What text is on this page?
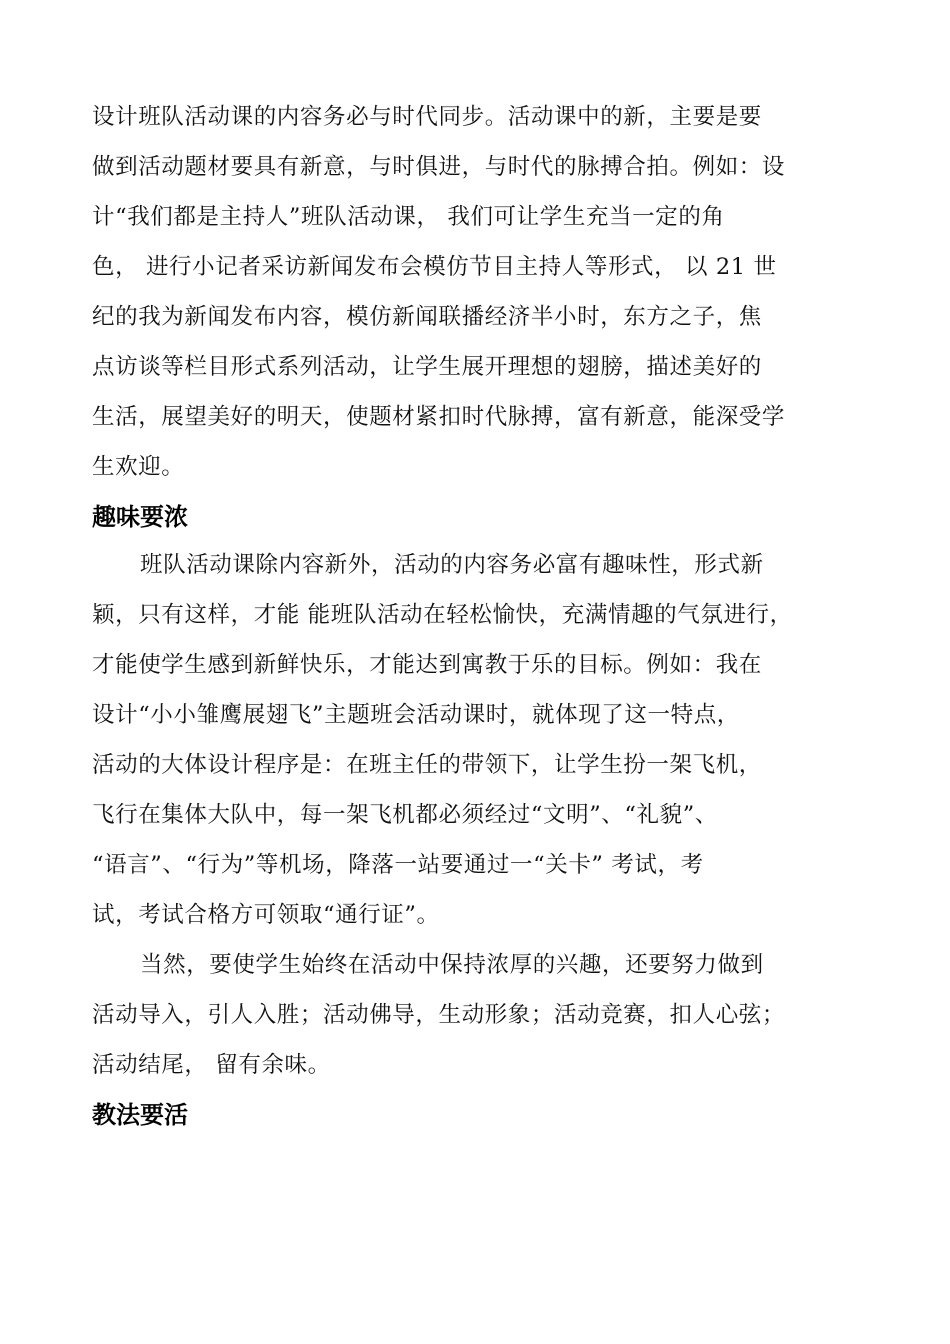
设计班队活动课的内容务必与时代同步。活动课中的新，主要是要
做到活动题材要具有新意，与时俱进，与时代的脉搏合拍。例如：设
计“我们都是主持人”班队活动课， 我们可让学生充当一定的角
色， 进行小记者采访新闻发布会模仿节目主持人等形式， 以 21 世
纪的我为新闻发布内容，模仿新闻联播经济半小时，东方之子，焦
点访谈等栏目形式系列活动，让学生展开理想的翅膀，描述美好的
生活，展望美好的明天，使题材紧扣时代脉搏，富有新意，能深受学
生欢迎。
趣味要浓
班队活动课除内容新外，活动的内容务必富有趣味性，形式新
颖，只有这样，才能 能班队活动在轻松愉快，充满情趣的气氛进行，
才能使学生感到新鲜快乐，才能达到寓教于乐的目标。例如：我在
设计“小小雏鹰展翅飞”主题班会活动课时，就体现了这一特点，
活动的大体设计程序是：在班主任的带领下，让学生扮一架飞机，
飞行在集体大队中，每一架飞机都必须经过“文明”、“礼貌”、
“语言”、“行为”等机场，降落一站要通过一“关卡” 考试，考
试，考试合格方可领取“通行证”。
当然，要使学生始终在活动中保持浓厚的兴趣，还要努力做到
活动导入，引人入胜；活动佛导，生动形象；活动竞赛，扣人心弦；
活动结尾， 留有余味。
教法要活
